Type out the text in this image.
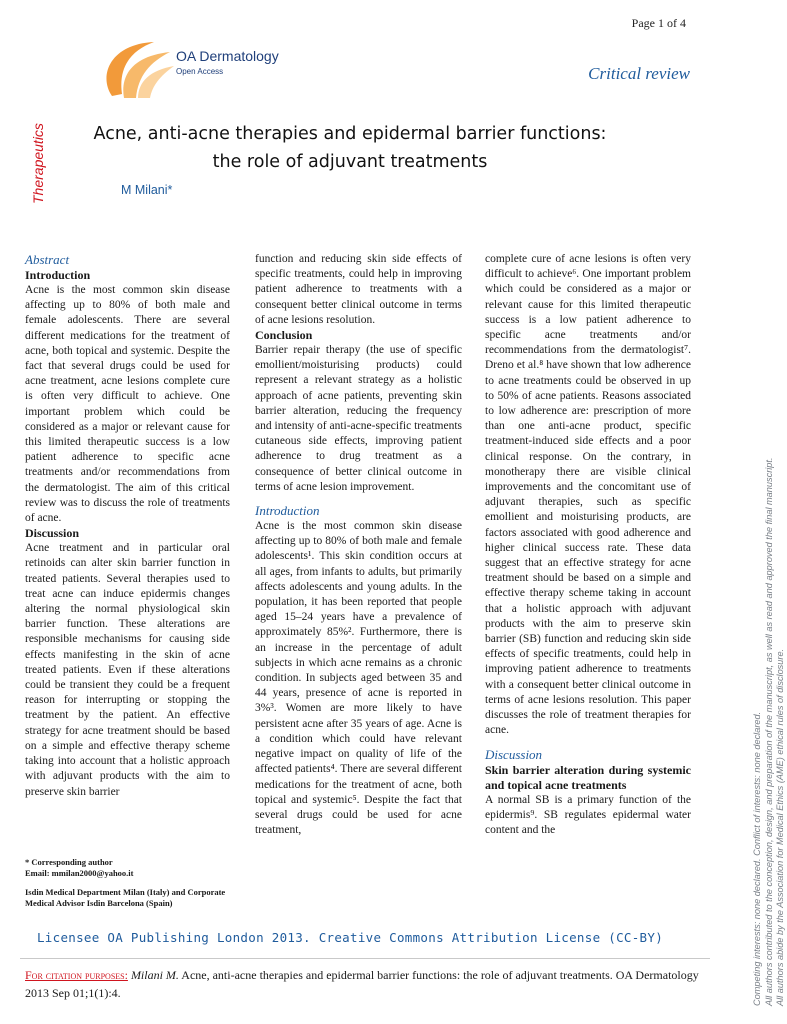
Page 1 of 4
OA Dermatology
Open Access	Critical review
Therapeutics	Acne, anti-acne therapies and epidermal barrier functions:
the role of adjuvant treatments
M Milani*

Abstract

Introduction

Acne is the most common skin disease affecting up to 80% of both male and female adolescents. There are several different medications for the treatment of acne, both topical and systemic. Despite the fact that several drugs could be used for acne treatment, acne lesions complete cure is often very difficult to achieve. One important problem which could be considered as a major or relevant cause for this limited therapeutic success is a low patient adherence to specific acne treatments and/or recommendations from the dermatologist. The aim of this critical review was to discuss the role of treatments of acne.

Discussion

Acne treatment and in particular oral retinoids can alter skin barrier function in treated patients. Several therapies used to treat acne can induce epidermis changes altering the normal physiological skin barrier function. These alterations are responsible mechanisms for causing side effects manifesting in the skin of acne treated patients. Even if these alterations could be transient they could be a frequent reason for interrupting or stopping the treatment by the patient. An effective strategy for acne treatment should be based on a simple and effective therapy scheme taking into account that a holistic approach with adjuvant products with the aim to preserve skin barrier

function and reducing skin side effects of specific treatments, could help in improving patient adherence to treatments with a consequent better clinical outcome in terms of acne lesions resolution.

Conclusion

Barrier repair therapy (the use of specific emollient/moisturising products) could represent a relevant strategy as a holistic approach of acne patients, preventing skin barrier alteration, reducing the frequency and intensity of anti-acne-specific treatments cutaneous side effects, improving patient adherence to drug treatment as a consequence of better clinical outcome in terms of acne lesion improvement.

Introduction

Acne is the most common skin disease affecting up to 80% of both male and female adolescents¹. This skin condition occurs at all ages, from infants to adults, but primarily affects adolescents and young adults. In the population, it has been reported that people aged 15–24 years have a prevalence of approximately 85%². Furthermore, there is an increase in the percentage of adult subjects in which acne remains as a chronic condition. In subjects aged between 35 and 44 years, presence of acne is reported in 3%³. Women are more likely to have persistent acne after 35 years of age. Acne is a condition which could have relevant negative impact on quality of life of the affected patients⁴. There are several different medications for the treatment of acne, both topical and systemic⁵. Despite the fact that several drugs could be used for acne treatment,

complete cure of acne lesions is often very difficult to achieve⁶. One important problem which could be considered as a major or relevant cause for this limited therapeutic success is a low patient adherence to specific acne treatments and/or recommendations from the dermatologist⁷. Dreno et al.⁸ have shown that low adherence to acne treatments could be observed in up to 50% of acne patients. Reasons associated to low adherence are: prescription of more than one anti-acne product, specific treatment-induced side effects and a poor clinical response. On the contrary, in monotherapy there are visible clinical improvements and the concomitant use of adjuvant therapies, such as specific emollient and moisturising products, are factors associated with good adherence and higher clinical success rate. These data suggest that an effective strategy for acne treatment should be based on a simple and effective therapy scheme taking in account that a holistic approach with adjuvant products with the aim to preserve skin barrier (SB) function and reducing skin side effects of specific treatments, could help in improving patient adherence to treatments with a consequent better clinical outcome in terms of acne lesions resolution. This paper discusses the role of treatment therapies for acne.

Discussion

Skin barrier alteration during systemic and topical acne treatments

A normal SB is a primary function of the epidermis⁹. SB regulates epidermal water content and the

* Corresponding author
Email: mmilan2000@yahoo.it
Isdin Medical Department Milan (Italy) and Corporate Medical Advisor Isdin Barcelona (Spain)
Licensee OA Publishing London 2013. Creative Commons Attribution License (CC-BY)
For citation purposes: Milani M. Acne, anti-acne therapies and epidermal barrier functions: the role of adjuvant treatments. OA Dermatology 2013 Sep 01;1(1):4.	Competing interests: none declared. Conflict of interests: none declared. All authors contributed to the conception, design, and preparation of the manuscript, as well as read and approved the final manuscript. All authors abide by the Association for Medical Ethics (AME) ethical rules of disclosure.
